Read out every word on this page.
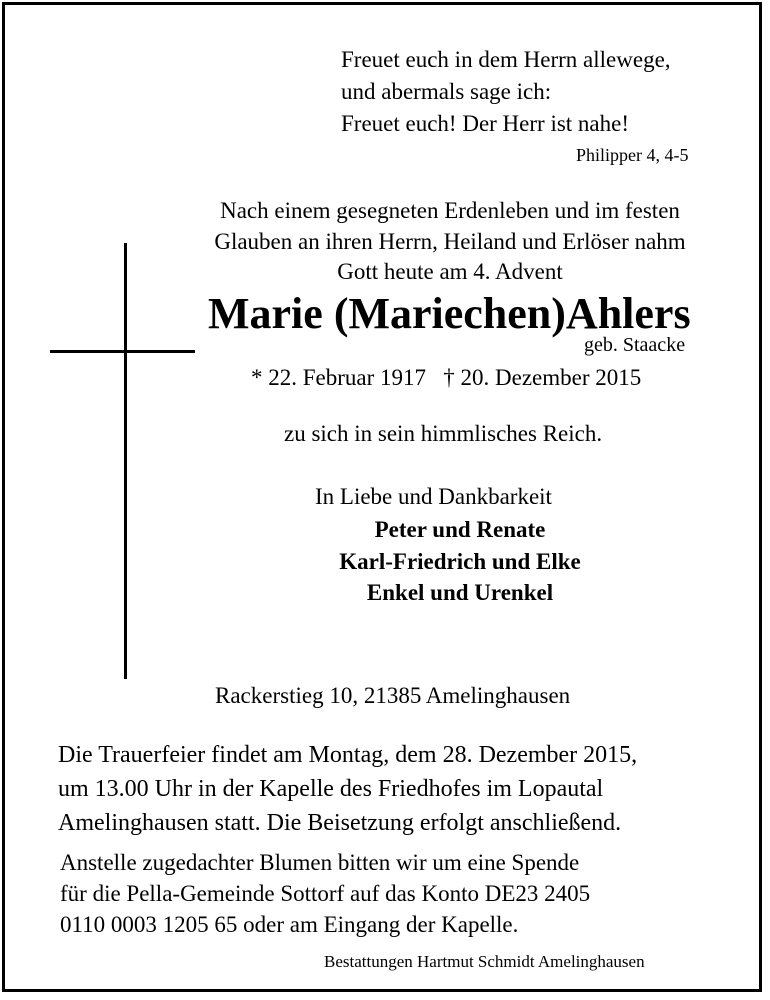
Freuet euch in dem Herrn allewege,
und abermals sage ich:
Freuet euch! Der Herr ist nahe!
Philipper 4, 4-5
Nach einem gesegneten Erdenleben und im festen
Glauben an ihren Herrn, Heiland und Erlöser nahm
Gott heute am 4. Advent
Marie (Mariechen)Ahlers
geb. Staacke
* 22. Februar 1917   † 20. Dezember 2015
zu sich in sein himmlisches Reich.
In Liebe und Dankbarkeit
Peter und Renate
Karl-Friedrich und Elke
Enkel und Urenkel
Rackerstieg 10, 21385 Amelinghausen
Die Trauerfeier findet am Montag, dem 28. Dezember 2015,
um 13.00 Uhr in der Kapelle des Friedhofes im Lopautal
Amelinghausen statt. Die Beisetzung erfolgt anschließend.
Anstelle zugedachter Blumen bitten wir um eine Spende
für die Pella-Gemeinde Sottorf auf das Konto DE23 2405
0110 0003 1205 65 oder am Eingang der Kapelle.
Bestattungen Hartmut Schmidt Amelinghausen
